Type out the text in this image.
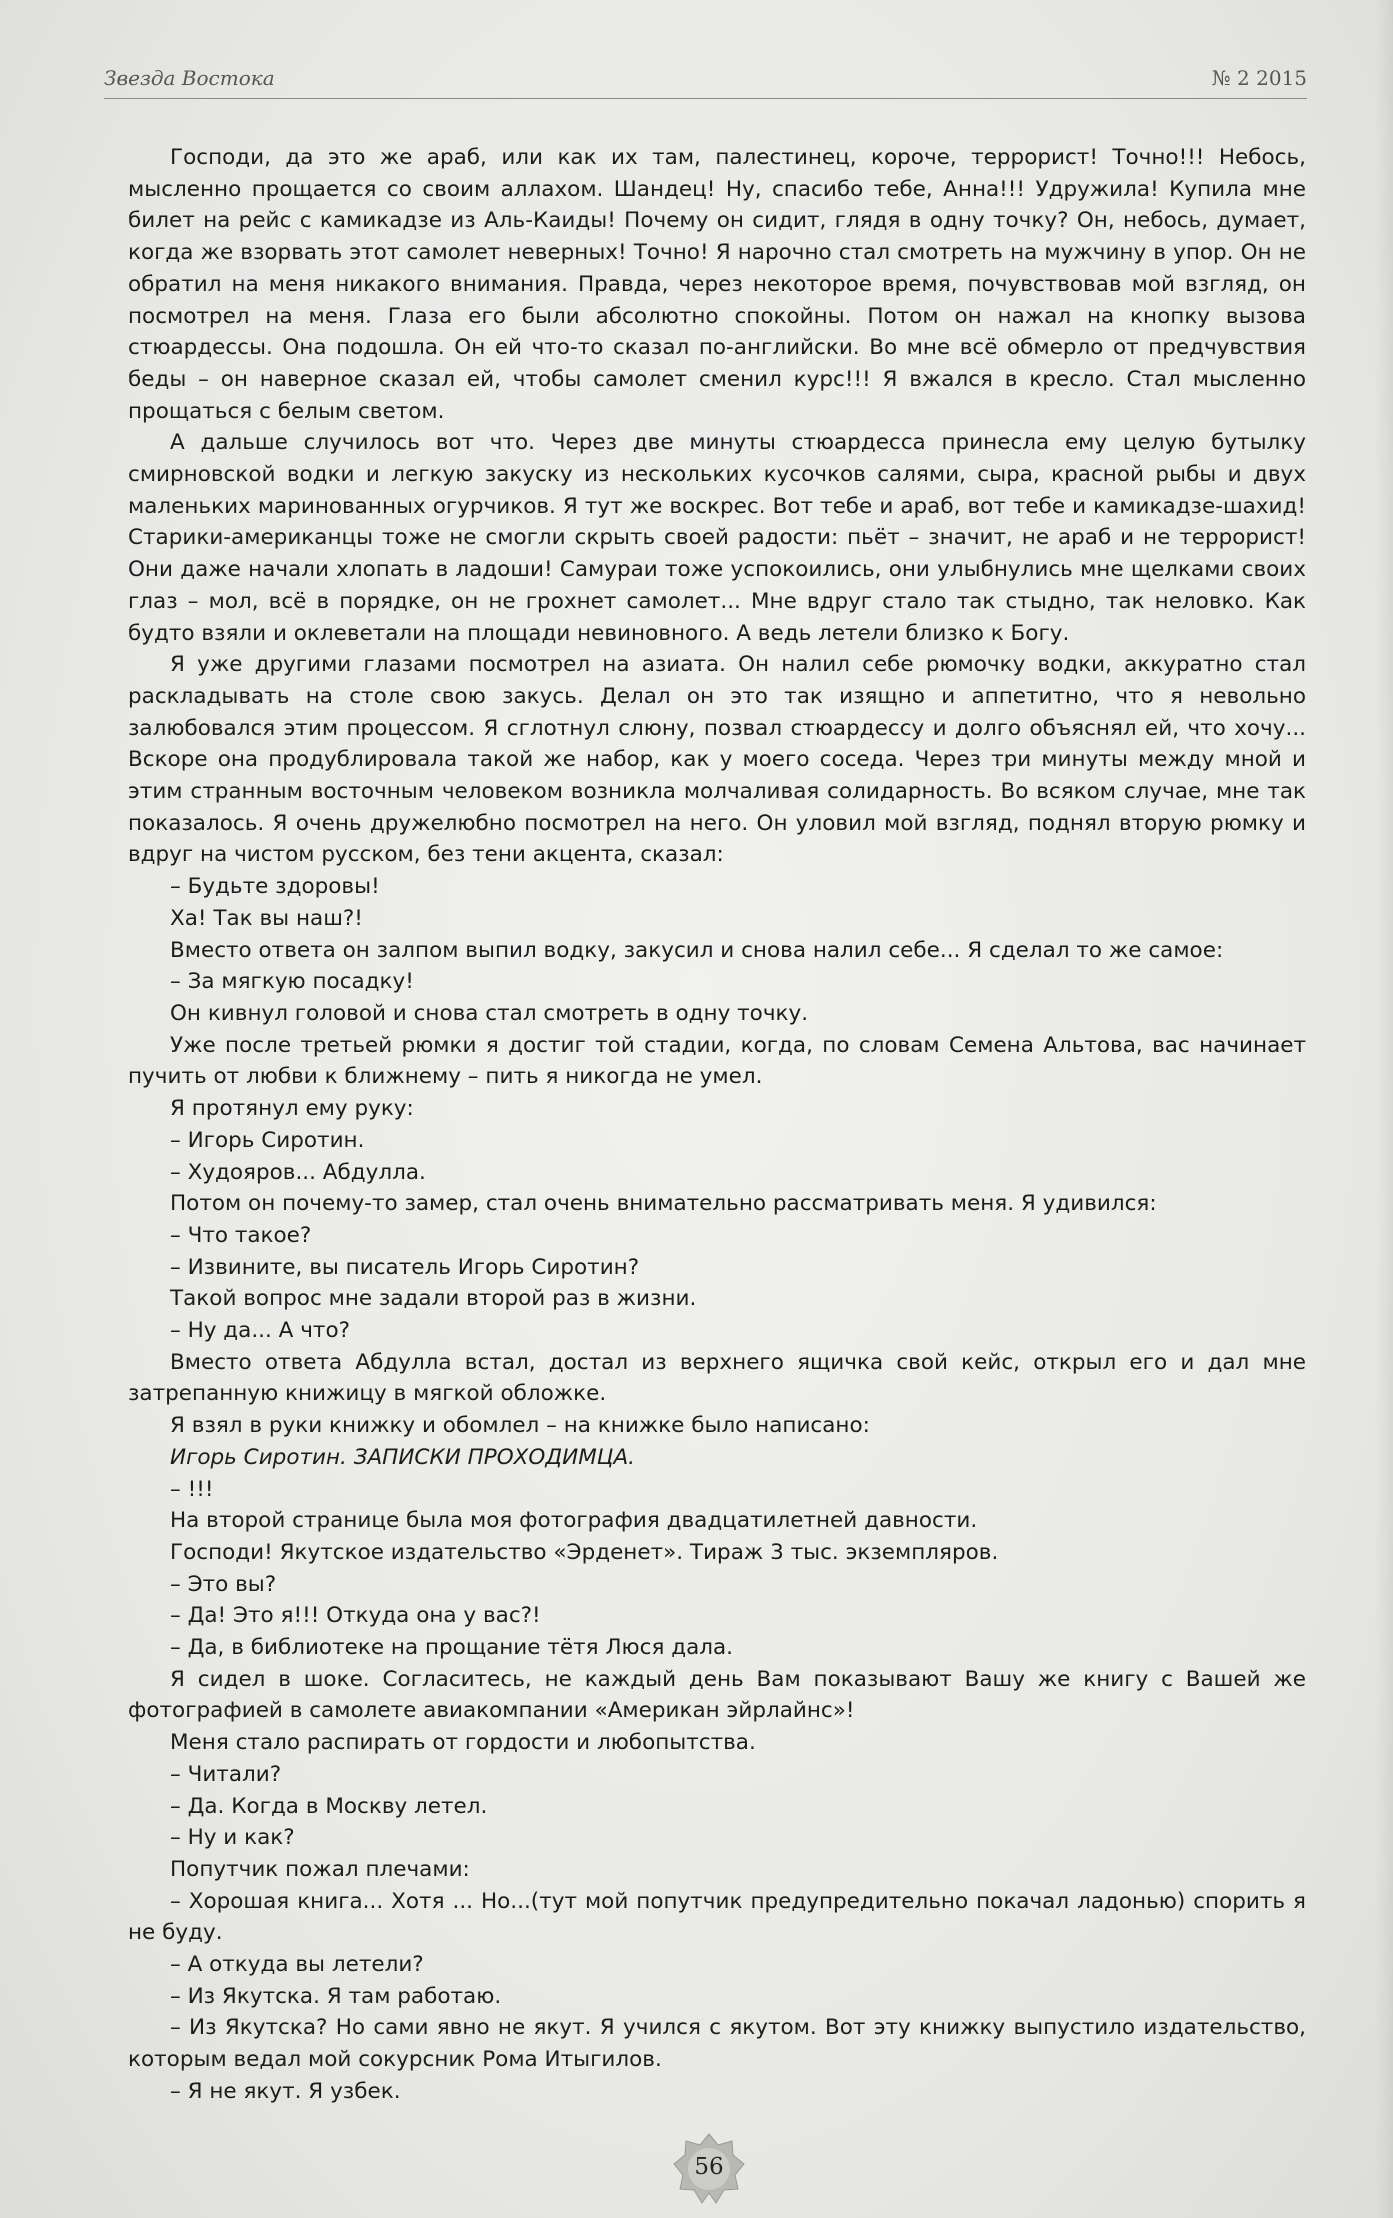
Звезда Востока	№ 2 2015

Господи, да это же араб, или как их там, палестинец, короче, террорист! Точно!!! Небось, мысленно прощается со своим аллахом. Шандец! Ну, спасибо тебе, Анна!!! Удружила! Купила мне билет на рейс с камикадзе из Аль-Каиды! Почему он сидит, глядя в одну точку? Он, небось, думает, когда же взорвать этот самолет неверных! Точно! Я нарочно стал смотреть на мужчину в упор. Он не обратил на меня никакого внимания. Правда, через некоторое время, почувствовав мой взгляд, он посмотрел на меня. Глаза его были абсолютно спокойны. Потом он нажал на кнопку вызова стюардессы. Она подошла. Он ей что-то сказал по-английски. Во мне всё обмерло от предчувствия беды – он наверное сказал ей, чтобы самолет сменил курс!!! Я вжался в кресло. Стал мысленно прощаться с белым светом.

А дальше случилось вот что. Через две минуты стюардесса принесла ему целую бутылку смирновской водки и легкую закуску из нескольких кусочков салями, сыра, красной рыбы и двух маленьких маринованных огурчиков. Я тут же воскрес. Вот тебе и араб, вот тебе и камикадзе-шахид! Старики-американцы тоже не смогли скрыть своей радости: пьёт – значит, не араб и не террорист! Они даже начали хлопать в ладоши! Самураи тоже успокоились, они улыбнулись мне щелками своих глаз – мол, всё в порядке, он не грохнет самолет... Мне вдруг стало так стыдно, так неловко. Как будто взяли и оклеветали на площади невиновного. А ведь летели близко к Богу.

Я уже другими глазами посмотрел на азиата. Он налил себе рюмочку водки, аккуратно стал раскладывать на столе свою закусь. Делал он это так изящно и аппетитно, что я невольно залюбовался этим процессом. Я сглотнул слюну, позвал стюардессу и долго объяснял ей, что хочу... Вскоре она продублировала такой же набор, как у моего соседа. Через три минуты между мной и этим странным восточным человеком возникла молчаливая солидарность. Во всяком случае, мне так показалось. Я очень дружелюбно посмотрел на него. Он уловил мой взгляд, поднял вторую рюмку и вдруг на чистом русском, без тени акцента, сказал:

– Будьте здоровы!

Ха! Так вы наш?!

Вместо ответа он залпом выпил водку, закусил и снова налил себе... Я сделал то же самое:

– За мягкую посадку!

Он кивнул головой и снова стал смотреть в одну точку.

Уже после третьей рюмки я достиг той стадии, когда, по словам Семена Альтова, вас начинает пучить от любви к ближнему – пить я никогда не умел.

Я протянул ему руку:

– Игорь Сиротин.

– Худояров... Абдулла.

Потом он почему-то замер, стал очень внимательно рассматривать меня. Я удивился:

– Что такое?

– Извините, вы писатель Игорь Сиротин?

Такой вопрос мне задали второй раз в жизни.

– Ну да... А что?

Вместо ответа Абдулла встал, достал из верхнего ящичка свой кейс, открыл его и дал мне затрепанную книжицу в мягкой обложке.

Я взял в руки книжку и обомлел – на книжке было написано:

Игорь Сиротин. ЗАПИСКИ ПРОХОДИМЦА.

– !!!

На второй странице была моя фотография двадцатилетней давности.

Господи! Якутское издательство «Эрденет». Тираж 3 тыс. экземпляров.

– Это вы?

– Да! Это я!!! Откуда она у вас?!

– Да, в библиотеке на прощание тётя Люся дала.

Я сидел в шоке. Согласитесь, не каждый день Вам показывают Вашу же книгу с Вашей же фотографией в самолете авиакомпании «Американ эйрлайнс»!

Меня стало распирать от гордости и любопытства.

– Читали?

– Да. Когда в Москву летел.

– Ну и как?

Попутчик пожал плечами:

– Хорошая книга... Хотя ... Но...(тут мой попутчик предупредительно покачал ладонью) спорить я не буду.

– А откуда вы летели?

– Из Якутска. Я там работаю.

– Из Якутска? Но сами явно не якут. Я учился с якутом. Вот эту книжку выпустило издательство, которым ведал мой сокурсник Рома Итыгилов.

– Я не якут. Я узбек.

56
